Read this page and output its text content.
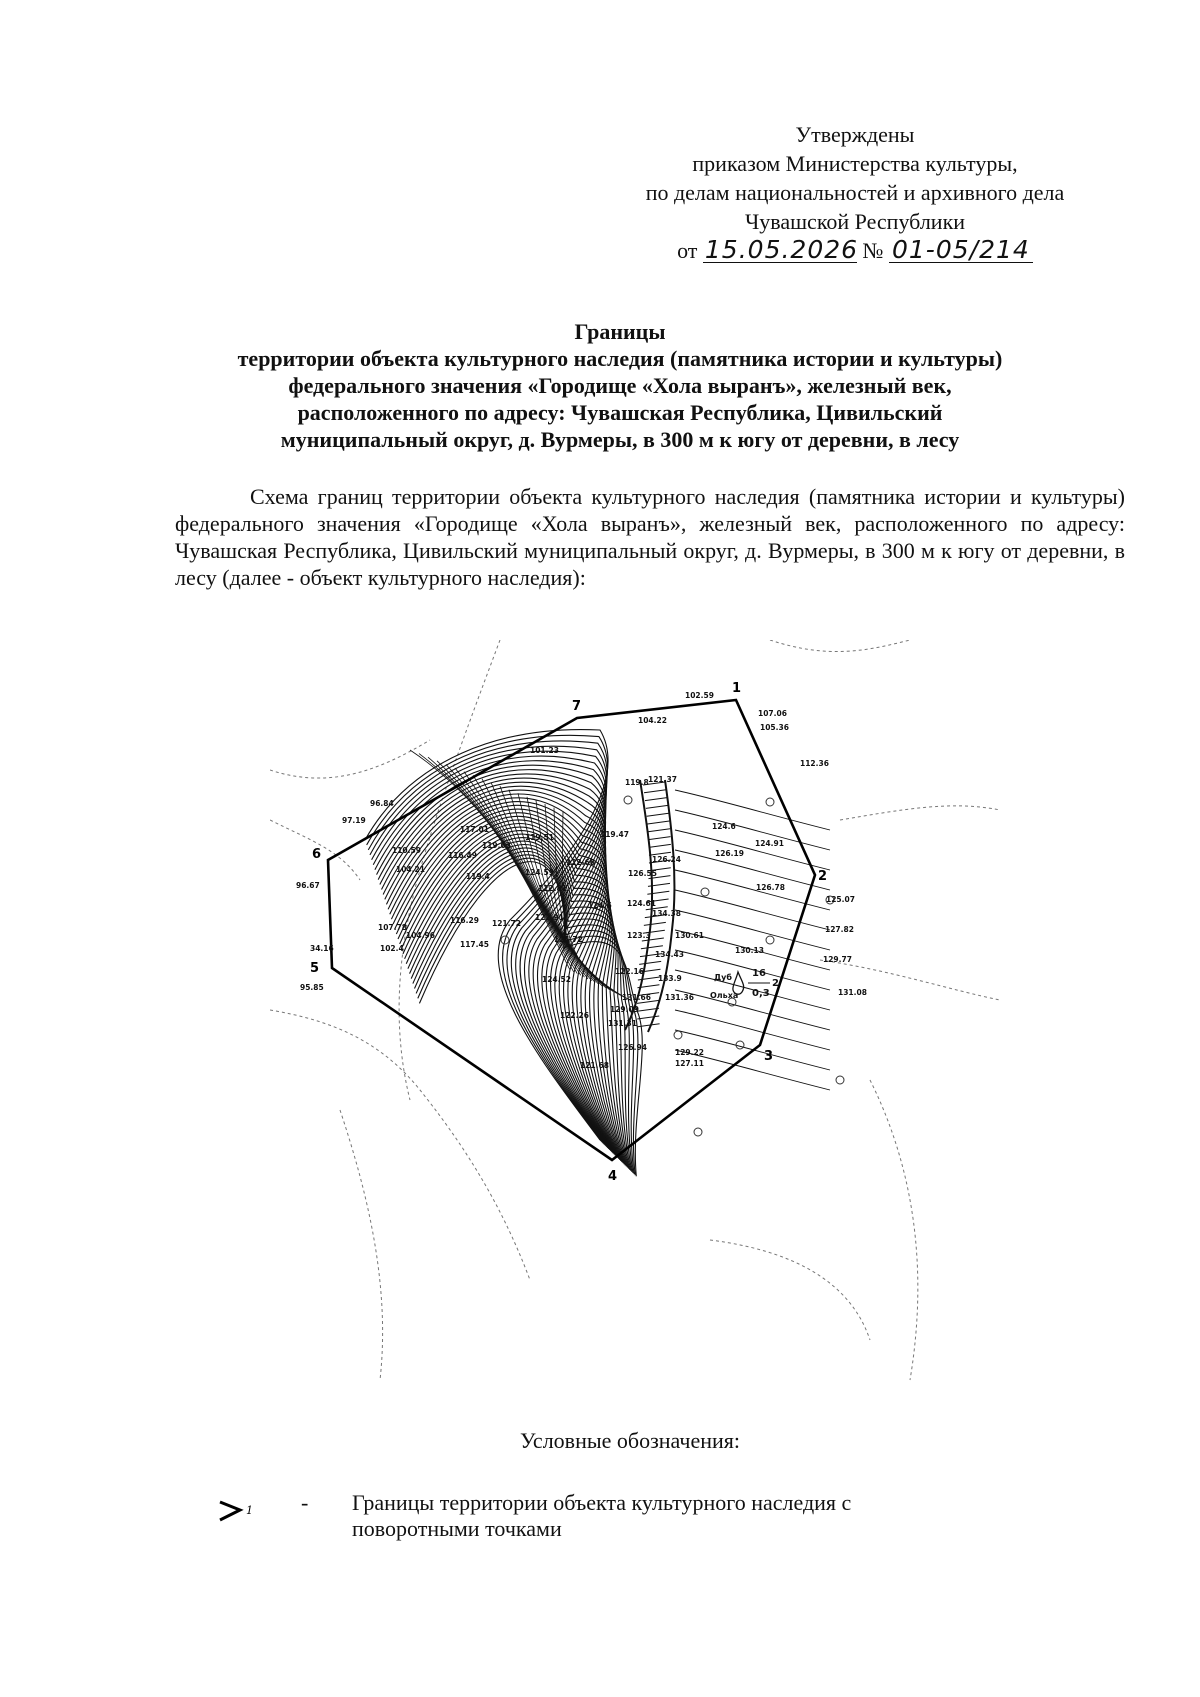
Утверждены
приказом Министерства культуры,
по делам национальностей и архивного дела
Чувашской Республики
от 15.05.2026 № 01-05/214
Границы
территории объекта культурного наследия (памятника истории и культуры)
федерального значения «Городище «Хола выранъ», железный век,
расположенного по адресу: Чувашская Республика, Цивильский
муниципальный округ, д. Вурмеры, в 300 м к югу от деревни, в лесу

Схема границ территории объекта культурного наследия (памятника истории и культуры) федерального значения «Городище «Хола выранъ», железный век, расположенного по адресу: Чувашская Республика, Цивильский муниципальный округ, д. Вурмеры, в 300 м к югу от деревни, в лесу (далее - объект культурного наследия):

102.59
104.22
101.23
107.06
105.36
112.36
121.37
119.8
96.84
97.19
117.01
119.51	119.47
124.6
110.59
116.49
119.63
126.24
126.19
124.91
104.21
119.4
122.66
124.59	126.55
96.67	122.81	126.78
125.07
107.78
116.29 121.72
122.91
124.6 124.61
134.38
127.82
104.96
117.45
124.72	123.3	130.61
34.16	102.4
134.43	130.13
129.77
95.85
124.52
122.16
133.9
131.66 131.36
131.08
122.26
129.09
131.31
126.94
129.22
121.68	127.11
1
2
3
4
5
6
7
Дуб
Ольха
16
2
0,3
Условные обозначения:
1 - Границы территории объекта культурного наследия с поворотными точками
